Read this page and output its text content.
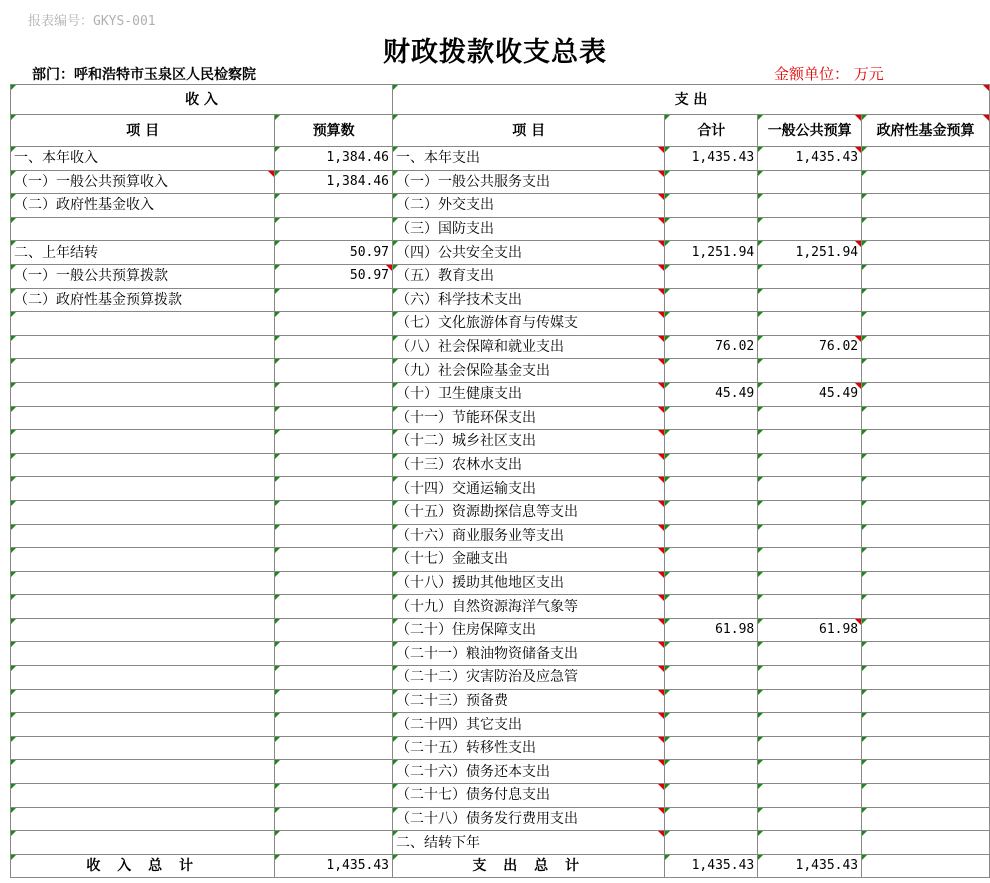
报表编号：GKYS-001
财政拨款收支总表
部门：呼和浩特市玉泉区人民检察院	金额单位： 万元
收 入		支 出			
项 目	预算数	项 目	合计	一般公共预算	政府性基金预算
一、本年收入	1,384.46	一、本年支出	1,435.43	1,435.43	
（一）一般公共预算收入	1,384.46	（一）一般公共服务支出			
（二）政府性基金收入		（二）外交支出			
		（三）国防支出			
二、上年结转	50.97	（四）公共安全支出	1,251.94	1,251.94	
（一）一般公共预算拨款	50.97	（五）教育支出			
（二）政府性基金预算拨款		（六）科学技术支出			
		（七）文化旅游体育与传媒支			
		（八）社会保障和就业支出	76.02	76.02	
		（九）社会保险基金支出			
		（十）卫生健康支出	45.49	45.49	
		（十一）节能环保支出			
		（十二）城乡社区支出			
		（十三）农林水支出			
		（十四）交通运输支出			
		（十五）资源勘探信息等支出			
		（十六）商业服务业等支出			
		（十七）金融支出			
		（十八）援助其他地区支出			
		（十九）自然资源海洋气象等			
		（二十）住房保障支出	61.98	61.98	
		（二十一）粮油物资储备支出			
		（二十二）灾害防治及应急管			
		（二十三）预备费			
		（二十四）其它支出			
		（二十五）转移性支出			
		（二十六）债务还本支出			
		（二十七）债务付息支出			
		（二十八）债务发行费用支出			
		二、结转下年			
收 入 总 计	1,435.43	支 出 总 计	1,435.43	1,435.43	
